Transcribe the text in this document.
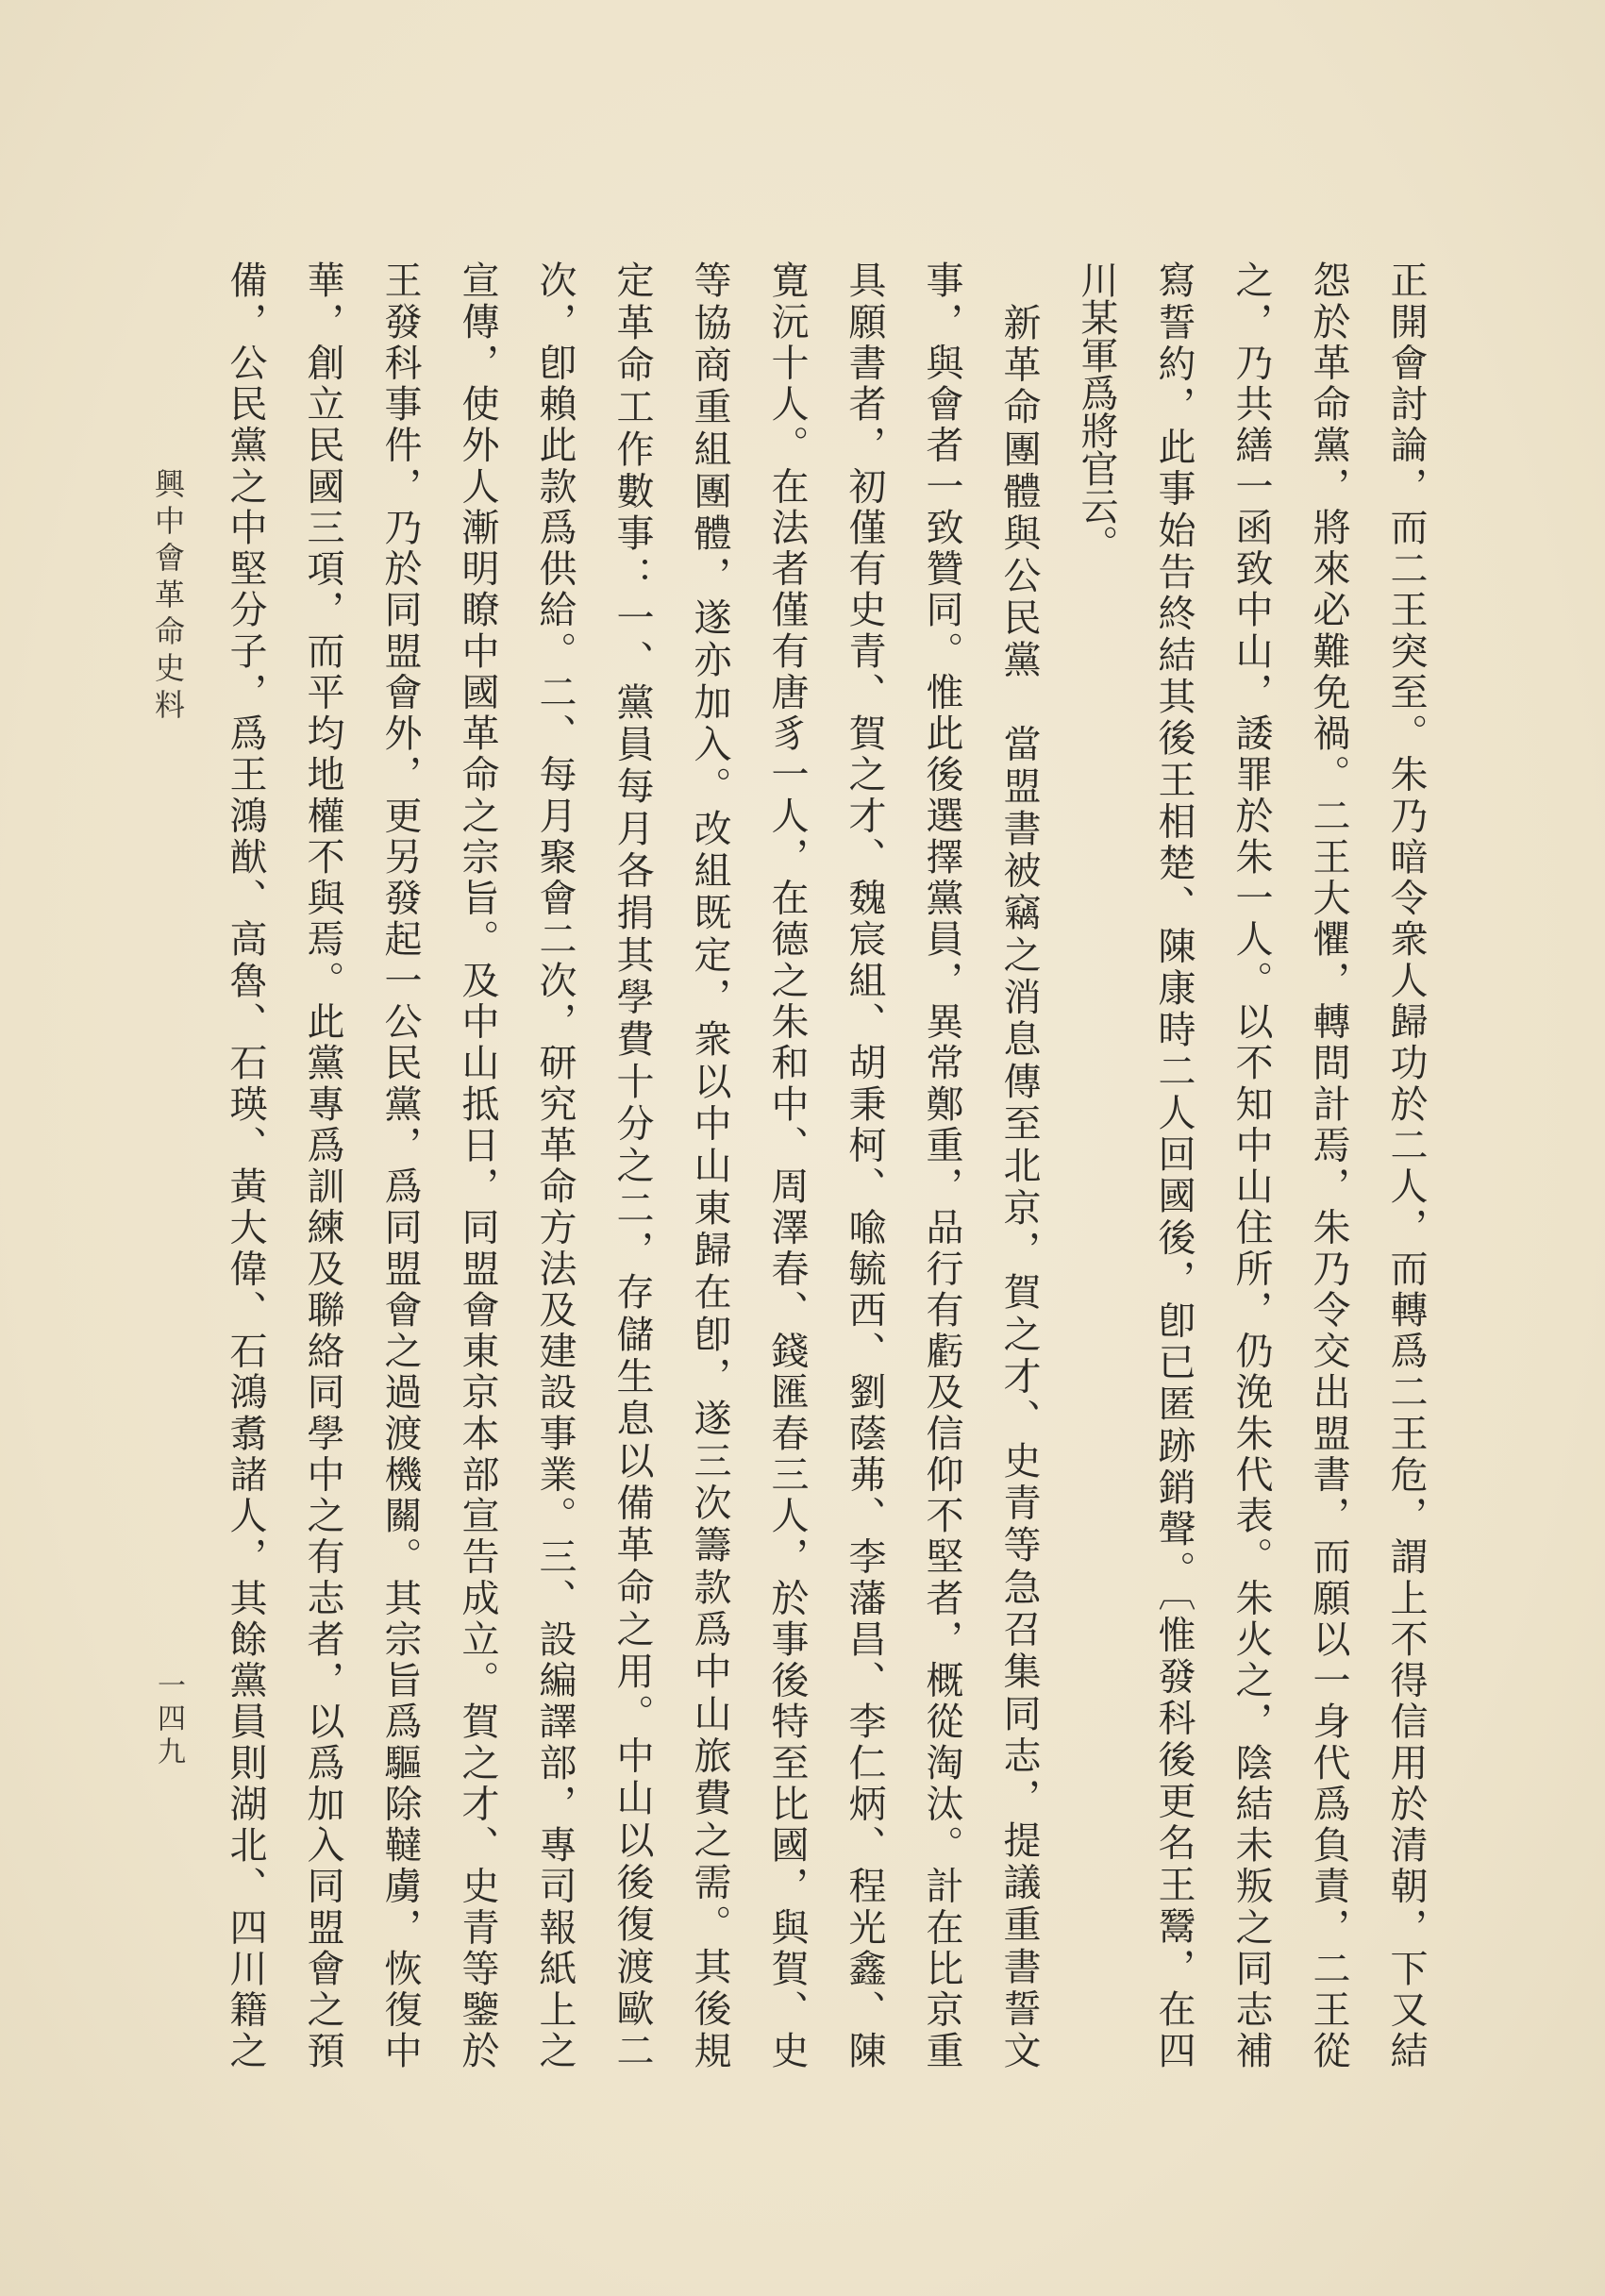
正開會討論，而二王突至。朱乃暗令衆人歸功於二人，而轉爲二王危，謂上不得信用於清朝，下又結
怨於革命黨，將來必難免禍。二王大懼，轉問計焉，朱乃令交出盟書，而願以一身代爲負責，二王從
之，乃共繕一函致中山，諉罪於朱一人。以不知中山住所，仍浼朱代表。朱火之，陰結未叛之同志補
寫誓約，此事始告終結其後王相楚、陳康時二人回國後，卽已匿跡銷聲。〔惟發科後更名王鬵，在四
川某軍爲將官云。
　新革命團體與公民黨　當盟書被竊之消息傳至北京，賀之才、史青等急召集同志，提議重書誓文
事，與會者一致贊同。惟此後選擇黨員，異常鄭重，品行有虧及信仰不堅者，概從淘汰。計在比京重
具願書者，初僅有史青、賀之才、魏宸組、胡秉柯、喩毓西、劉蔭茀、李藩昌、李仁炳、程光鑫、陳
寛沅十人。在法者僅有唐豸一人，在德之朱和中、周澤春、錢匯春三人，於事後特至比國，與賀、史
等協商重組團體，遂亦加入。改組既定，衆以中山東歸在卽，遂三次籌款爲中山旅費之需。其後規
定革命工作數事：一、黨員每月各捐其學費十分之二，存儲生息以備革命之用。中山以後復渡歐二
次，卽賴此款爲供給。二、每月聚會二次，研究革命方法及建設事業。三、設編譯部，專司報紙上之
宣傳，使外人漸明瞭中國革命之宗旨。及中山抵日，同盟會東京本部宣告成立。賀之才、史青等鑒於
王發科事件，乃於同盟會外，更另發起一公民黨，爲同盟會之過渡機關。其宗旨爲驅除韃虜，恢復中
華，創立民國三項，而平均地權不與焉。此黨專爲訓練及聯絡同學中之有志者，以爲加入同盟會之預
備，公民黨之中堅分子，爲王鴻猷、高魯、石瑛、黃大偉、石鴻翥諸人，其餘黨員則湖北、四川籍之
興中會革命史料
一四九
